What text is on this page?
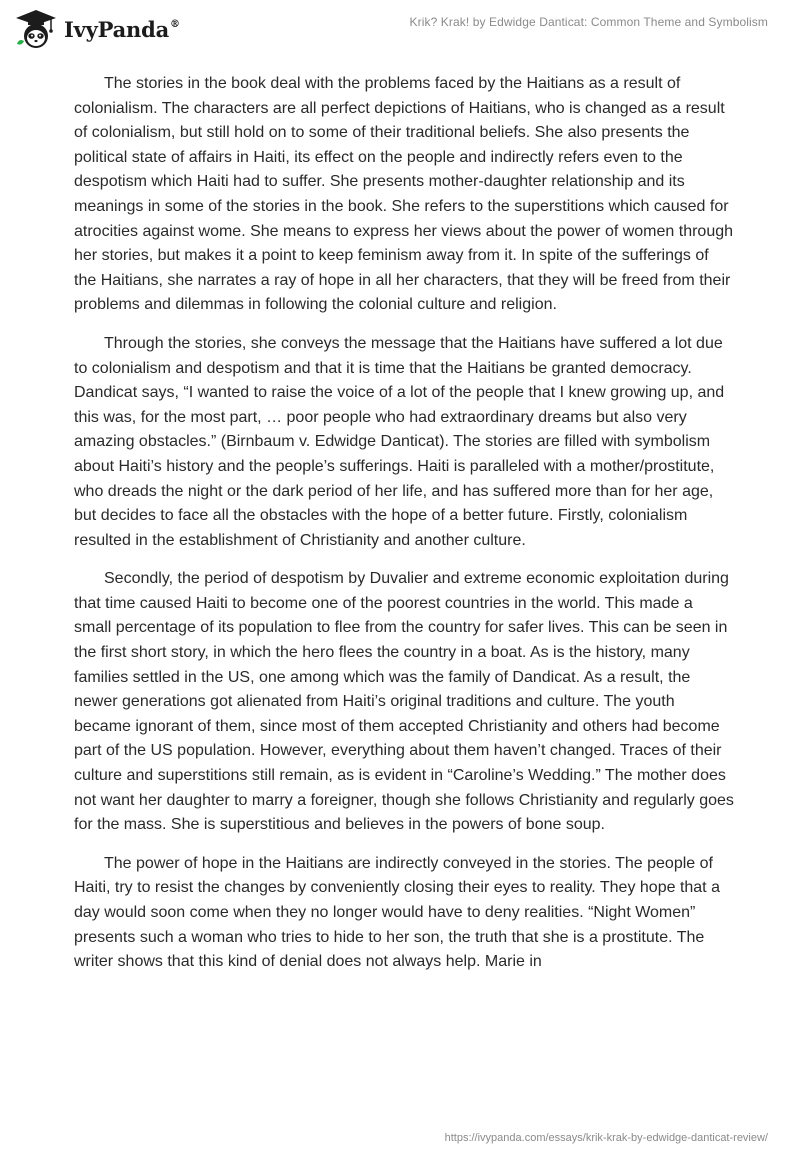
IvyPanda®	Krik? Krak! by Edwidge Danticat: Common Theme and Symbolism

The stories in the book deal with the problems faced by the Haitians as a result of colonialism. The characters are all perfect depictions of Haitians, who is changed as a result of colonialism, but still hold on to some of their traditional beliefs. She also presents the political state of affairs in Haiti, its effect on the people and indirectly refers even to the despotism which Haiti had to suffer. She presents mother-daughter relationship and its meanings in some of the stories in the book. She refers to the superstitions which caused for atrocities against wome. She means to express her views about the power of women through her stories, but makes it a point to keep feminism away from it. In spite of the sufferings of the Haitians, she narrates a ray of hope in all her characters, that they will be freed from their problems and dilemmas in following the colonial culture and religion.

Through the stories, she conveys the message that the Haitians have suffered a lot due to colonialism and despotism and that it is time that the Haitians be granted democracy. Dandicat says, “I wanted to raise the voice of a lot of the people that I knew growing up, and this was, for the most part, … poor people who had extraordinary dreams but also very amazing obstacles.” (Birnbaum v. Edwidge Danticat). The stories are filled with symbolism about Haiti’s history and the people’s sufferings. Haiti is paralleled with a mother/prostitute, who dreads the night or the dark period of her life, and has suffered more than for her age, but decides to face all the obstacles with the hope of a better future. Firstly, colonialism resulted in the establishment of Christianity and another culture.

Secondly, the period of despotism by Duvalier and extreme economic exploitation during that time caused Haiti to become one of the poorest countries in the world. This made a small percentage of its population to flee from the country for safer lives. This can be seen in the first short story, in which the hero flees the country in a boat. As is the history, many families settled in the US, one among which was the family of Dandicat. As a result, the newer generations got alienated from Haiti’s original traditions and culture. The youth became ignorant of them, since most of them accepted Christianity and others had become part of the US population. However, everything about them haven’t changed. Traces of their culture and superstitions still remain, as is evident in “Caroline’s Wedding.” The mother does not want her daughter to marry a foreigner, though she follows Christianity and regularly goes for the mass. She is superstitious and believes in the powers of bone soup.

The power of hope in the Haitians are indirectly conveyed in the stories. The people of Haiti, try to resist the changes by conveniently closing their eyes to reality. They hope that a day would soon come when they no longer would have to deny realities. “Night Women” presents such a woman who tries to hide to her son, the truth that she is a prostitute. The writer shows that this kind of denial does not always help. Marie in

https://ivypanda.com/essays/krik-krak-by-edwidge-danticat-review/
